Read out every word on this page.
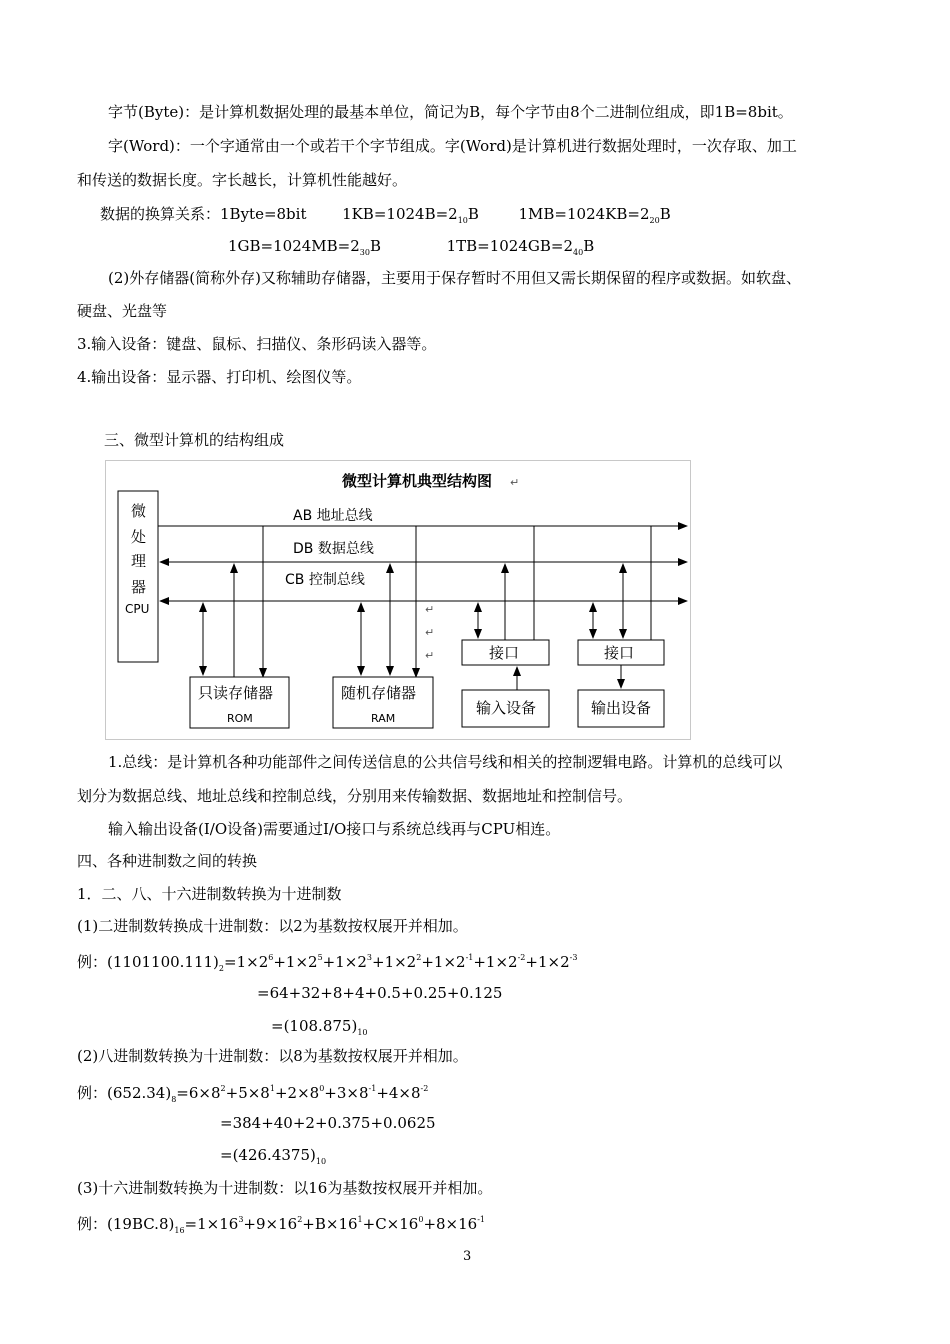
字节(Byte)：是计算机数据处理的最基本单位，简记为B，每个字节由8个二进制位组成，即1B=8bit。
字(Word)：一个字通常由一个或若干个字节组成。字(Word)是计算机进行数据处理时，一次存取、加工
和传送的数据长度。字长越长，计算机性能越好。
数据的换算关系：1Byte=8bit $1KB=1024B=2_{10}B$	$1MB=1024KB=2_{20}B$
$1GB=1024MB=2_{30}B$	$1TB=1024GB=2_{40}B$
(2)外存储器(简称外存)又称辅助存储器，主要用于保存暂时不用但又需长期保留的程序或数据。如软盘、
硬盘、光盘等
3.输入设备：键盘、鼠标、扫描仪、条形码读入器等。
4.输出设备：显示器、打印机、绘图仪等。
三、微型计算机的结构组成
微型计算机典型结构图 ↵
微
处
理
器
CPU
AB 地址总线
DB 数据总线
CB 控制总线
只读存储器
ROM
随机存储器
RAM
↵
↵
↵	接口
输入设备
接口
输出设备
1.总线：是计算机各种功能部件之间传送信息的公共信号线和相关的控制逻辑电路。计算机的总线可以
划分为数据总线、地址总线和控制总线，分别用来传输数据、数据地址和控制信号。
输入输出设备(I/O设备)需要通过I/O接口与系统总线再与CPU相连。
四、各种进制数之间的转换
1．二、八、十六进制数转换为十进制数
(1)二进制数转换成十进制数：以2为基数按权展开并相加。
例：$(1101100.111)_2=1\times 2^6+1\times 2^5+1\times 2^3+1\times 2^2+1\times 2^{-1}+1\times 2^{-2}+1\times 2^{-3}$
=64+32+8+4+0.5+0.25+0.125
$=(108.875)_{10}$
(2)八进制数转换为十进制数：以8为基数按权展开并相加。
例：$(652.34)_8=6\times 8^2+5\times 8^1+2\times 8^0+3\times 8^{-1}+4\times 8^{-2}$
=384+40+2+0.375+0.0625
$=(426.4375)_{10}$
(3)十六进制数转换为十进制数：以16为基数按权展开并相加。
例：$(19BC.8)_{16}=1\times 16^3+9\times 16^2+B\times 16^1+C\times 16^0+8\times 16^{-1}$
3
